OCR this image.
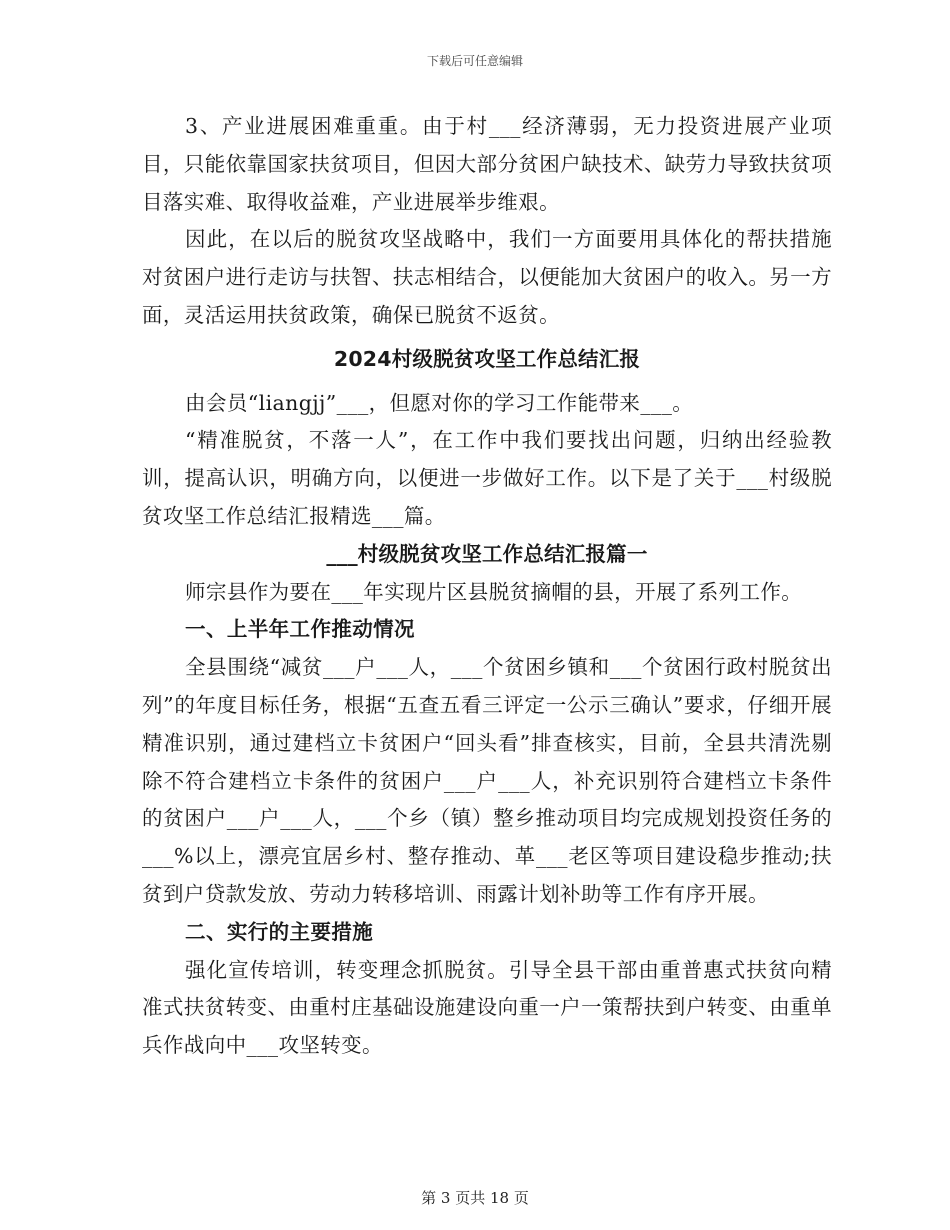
下载后可任意编辑

3、产业进展困难重重。由于村___经济薄弱，无力投资进展产业项目，只能依靠国家扶贫项目，但因大部分贫困户缺技术、缺劳力导致扶贫项目落实难、取得收益难，产业进展举步维艰。

因此，在以后的脱贫攻坚战略中，我们一方面要用具体化的帮扶措施对贫困户进行走访与扶智、扶志相结合，以便能加大贫困户的收入。另一方面，灵活运用扶贫政策，确保已脱贫不返贫。

2024村级脱贫攻坚工作总结汇报

由会员“liangjj”___，但愿对你的学习工作能带来___。

“精准脱贫，不落一人”，在工作中我们要找出问题，归纳出经验教训，提高认识，明确方向，以便进一步做好工作。以下是了关于___村级脱贫攻坚工作总结汇报精选___篇。

___村级脱贫攻坚工作总结汇报篇一

师宗县作为要在___年实现片区县脱贫摘帽的县，开展了系列工作。

一、上半年工作推动情况

全县围绕“减贫___户___人，___个贫困乡镇和___个贫困行政村脱贫出列”的年度目标任务，根据“五查五看三评定一公示三确认”要求，仔细开展精准识别，通过建档立卡贫困户“回头看”排查核实，目前，全县共清洗剔除不符合建档立卡条件的贫困户___户___人，补充识别符合建档立卡条件的贫困户___户___人，___个乡（镇）整乡推动项目均完成规划投资任务的___%以上，漂亮宜居乡村、整存推动、革___老区等项目建设稳步推动;扶贫到户贷款发放、劳动力转移培训、雨露计划补助等工作有序开展。

二、实行的主要措施

强化宣传培训，转变理念抓脱贫。引导全县干部由重普惠式扶贫向精准式扶贫转变、由重村庄基础设施建设向重一户一策帮扶到户转变、由重单兵作战向中___攻坚转变。

第 3 页共 18 页
